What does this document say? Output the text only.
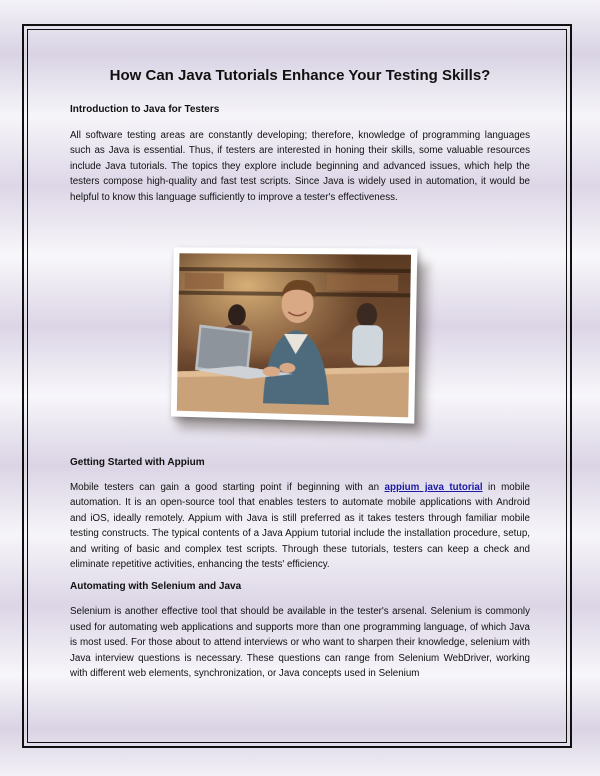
How Can Java Tutorials Enhance Your Testing Skills?

Introduction to Java for Testers

All software testing areas are constantly developing; therefore, knowledge of programming languages such as Java is essential. Thus, if testers are interested in honing their skills, some valuable resources include Java tutorials. The topics they explore include beginning and advanced issues, which help the testers compose high-quality and fast test scripts. Since Java is widely used in automation, it would be helpful to know this language sufficiently to improve a tester's effectiveness.

Getting Started with Appium

Mobile testers can gain a good starting point if beginning with an appium java tutorial in mobile automation. It is an open-source tool that enables testers to automate mobile applications with Android and iOS, ideally remotely. Appium with Java is still preferred as it takes testers through familiar mobile testing constructs. The typical contents of a Java Appium tutorial include the installation procedure, setup, and writing of basic and complex test scripts. Through these tutorials, testers can keep a check and eliminate repetitive activities, enhancing the tests' efficiency.

Automating with Selenium and Java

Selenium is another effective tool that should be available in the tester's arsenal. Selenium is commonly used for automating web applications and supports more than one programming language, of which Java is most used. For those about to attend interviews or who want to sharpen their knowledge, selenium with Java interview questions is necessary. These questions can range from Selenium WebDriver, working with different web elements, synchronization, or Java concepts used in Selenium
